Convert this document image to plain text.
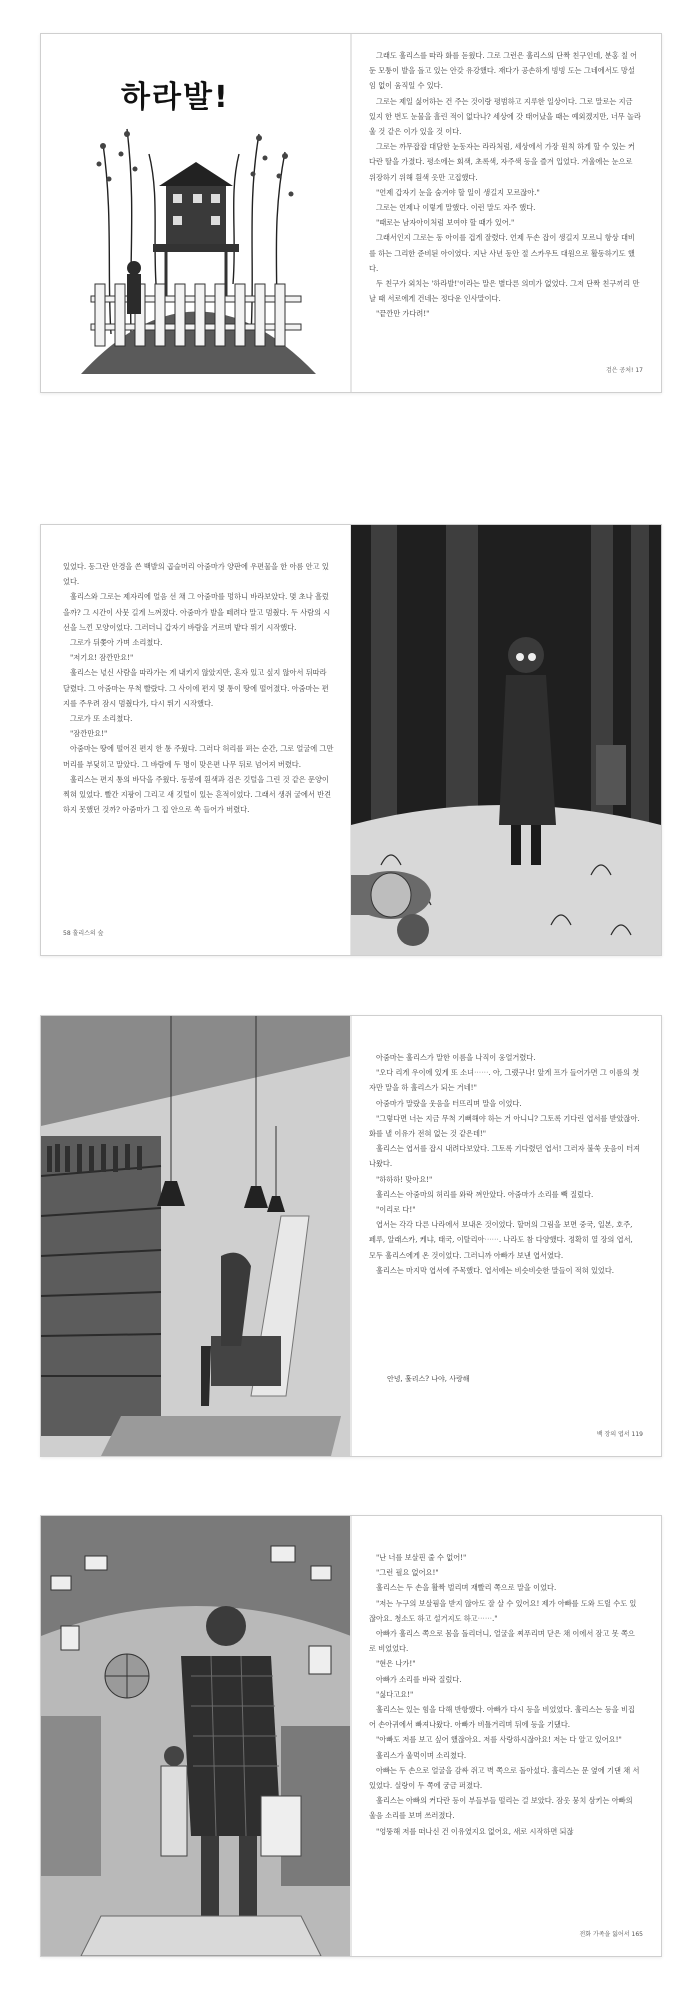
하라발!

그래도 훌리스를 따라 화를 돋웠다. 그로 그런은 훌리스의 단짝 친구인데, 분홍 칠 어둔 모퉁이 발을 돌고 있는 안갖 유강했다. 재다가 공손하게 빙빙 도는 그네에서도 망설임 없이 움직일 수 있다.

그로는 제일 싫어하는 건 주는 것이랑 평범하고 지루한 일상이다. 그로 말로는 지금 있지 한 번도 눈물을 흘린 적이 없다나? 세상에 갓 태어났을 때는 예외겠지만, 너무 놀라 울 것 같은 이가 있을 것 이다.

그로는 까무잡잡 대담한 눈동자는 라라처럼, 세상에서 가장 원칙 하게 할 수 있는 커다란 딸을 가졌다. 평소에는 회색, 초록색, 자주색 등을 즐겨 입었다. 겨울에는 눈으로 위장하기 위해 흰색 옷만 고집했다.

"언제 갑자기 눈을 숨겨야 할 일이 생길지 모르잖아."

그로는 언제나 이렇게 말했다. 이런 말도 자주 했다.

"때로는 남자아이처럼 보여야 할 때가 있어."

그래서인지 그로는 동 아이를 겁게 잘렸다. 언제 두손 잡이 생길지 모르니 항상 대비를 하는 그리한 준비된 아이였다. 지난 사년 동안 절 스카우트 대원으로 활동하기도 했다.

두 친구가 외치는 '하라발!'이라는 말은 별다른 의미가 없었다. 그저 단짝 친구끼리 만날 때 서로에게 건네는 정다운 인사말이다.

"끝깐만 가다려!"

검은 공처! 17

있었다. 동그란 안경을 쓴 백발의 곱슬머리 아줌마가 양판에 우편물을 한 아름 안고 있었다.

훌리스와 그로는 제자리에 얼음 선 채 그 아줌마를 멍하니 바라보았다. 몇 초나 흘렀을까? 그 시간이 사뭇 길게 느껴졌다. 아줌마가 발을 떼려다 말고 멈췄다. 두 사람의 시선을 느낀 모양이었다. 그러더니 갑자기 바람을 거르며 밭다 뛰기 시작했다.

그로가 뒤쫓아 가며 소리쳤다.

"저기요! 잠깐만요!"

훌리스는 넋신 사람을 따라가는 게 내키지 않았지만, 혼자 있고 싶지 않아서 뒤따라 달렸다. 그 아줌마는 무척 빨랐다. 그 사이에 편지 몇 통이 땅에 떨어졌다. 아줌마는 편지를 주우려 잠시 멈췄다가, 다시 뛰기 시작했다.

그로가 또 소리쳤다.

"잠깐만요!"

아줌마는 땅에 떨어진 편지 한 통 주웠다. 그러다 허리를 펴는 순간, 그로 얼굴에 그만 머리를 부딪히고 말았다. 그 바람에 두 명이 맞은편 나무 뒤로 넘어져 버렸다.

훌리스는 편지 통의 바닥을 주웠다. 동봉에 흰색과 검은 깃털을 그린 것 같은 문양이 찍혀 있었다. 빨간 지팡이 그리고 새 깃털이 있는 흔적이었다. 그래서 생쥐 굴에서 반견하지 못했던 것까? 아줌마가 그 집 안으로 쏙 들어가 버렸다.

58 훌리스의 숲

아줌마는 훌리스가 말한 이름을 나직이 웅얼거렸다.

"오다 리게 우이에 있게 또 소녀⋯⋯. 아, 그랬구나! 앞게 프가 들어가면 그 이름의 첫 자만 말을 하 훌리스가 되는 거네!"

아줌마가 말랐을 웃음을 터뜨리며 말을 이었다.

"그렇다면 너는 지금 무척 기뻐해야 하는 거 아니니? 그토록 기다린 엽서를 받았잖아. 화를 낼 이유가 전혀 없는 것 같은데!"

훌리스는 엽서를 잡시 내려다보았다. 그토록 기다렸던 엽서! 그러자 불쑥 웃음이 터져 나왔다.

"하하하! 맞아요!"

훌리스는 아줌마의 허리를 와락 껴안았다. 아줌마가 소리를 빽 질렀다.

"이리로 다!"

엽서는 각각 다른 나라에서 보내온 것이었다. 할머의 그림을 보면 중국, 일본, 호주, 페루, 알래스카, 케냐, 태국, 이탈리아⋯⋯. 나라도 참 다양했다. 정확히 열 장의 엽서, 모두 훌리스에게 온 것이었다. 그러니까 아빠가 보낸 엽서였다.

훌리스는 마지막 엽서에 주목했다. 엽서에는 비슷비슷한 말들이 적혀 있었다.

안녕, 훌리스? 나야, 사랑해
백 장의 엽서 119

"난 너를 보살핀 줄 수 없어!"

"그런 필요 없어요!"

훌리스는 두 손을 활짝 벌리며 재빨리 쪽으로 말을 이었다.

"저는 누구의 보살핌을 받지 않아도 잘 살 수 있어요! 제가 아빠를 도와 드릴 수도 있잖아요. 청소도 하고 설거지도 하고⋯⋯."

아빠가 훌리스 쪽으로 몸을 돌리더니, 얼굴을 찌푸리며 닫은 채 이에서 잠고 못 쪽으로 비었었다.

"현은 나가!"

아빠가 소리를 바락 질렀다.

"싫다고요!"

훌리스는 있는 힘을 다해 반항했다. 아빠가 다시 등을 비었었다. 훌리스는 등을 비집어 손아귀에서 빠져나왔다. 아빠가 비틀거리며 뒤에 등을 기댔다.

"아빠도 저를 보고 싶어 했잖아요. 저를 사랑하시잖아요! 저는 다 알고 있어요!"

훌리스가 울먹이며 소리쳤다.

아빠는 두 손으로 얼굴을 감싸 쥐고 벽 쪽으로 돌아섰다. 훌리스는 문 옆에 기댄 채 서 있었다. 실랑이 두 쪽에 궁금 퍼졌다.

훌리스는 아빠의 커다란 등이 부들부들 떨리는 걸 보았다. 잠옷 뭉치 삼키는 아빠의 울음 소리를 보며 쓰러졌다.

"엉뚱해 저를 떠나신 건 이유였지요 없어요, 새로 시작하면 되잖

전화 가족을 잃어서 165
